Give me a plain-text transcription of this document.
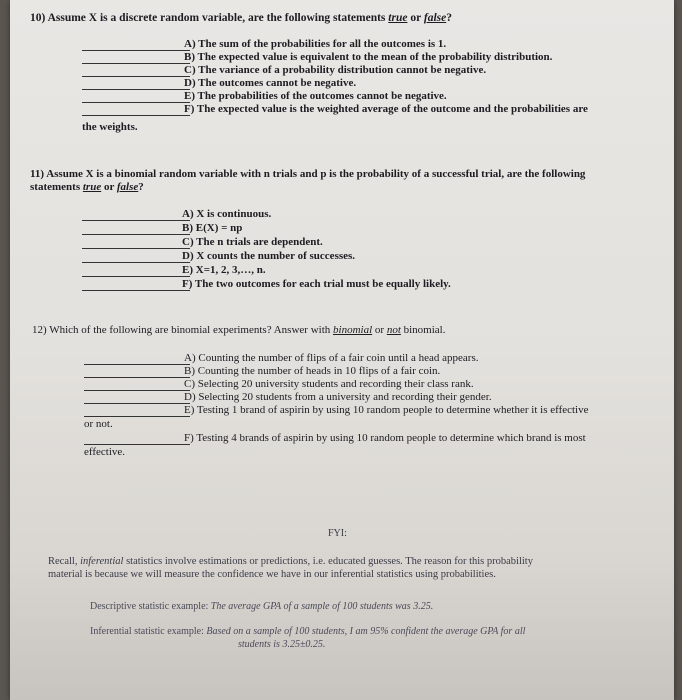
10) Assume X is a discrete random variable, are the following statements true or false?
A) The sum of the probabilities for all the outcomes is 1.
B) The expected value is equivalent to the mean of the probability distribution.
C) The variance of a probability distribution cannot be negative.
D) The outcomes cannot be negative.
E) The probabilities of the outcomes cannot be negative.
F) The expected value is the weighted average of the outcome and the probabilities are
the weights.
11) Assume X is a binomial random variable with n trials and p is the probability of a successful trial, are the following
statements true or false?
A) X is continuous.
B) E(X) = np
C) The n trials are dependent.
D) X counts the number of successes.
E) X=1, 2, 3,…, n.
F) The two outcomes for each trial must be equally likely.
12) Which of the following are binomial experiments? Answer with binomial or not binomial.
A) Counting the number of flips of a fair coin until a head appears.
B) Counting the number of heads in 10 flips of a fair coin.
C) Selecting 20 university students and recording their class rank.
D) Selecting 20 students from a university and recording their gender.
E) Testing 1 brand of aspirin by using 10 random people to determine whether it is effective
or not.
F) Testing 4 brands of aspirin by using 10 random people to determine which brand is most
effective.
FYI:
Recall, inferential statistics involve estimations or predictions, i.e. educated guesses. The reason for this probability
material is because we will measure the confidence we have in our inferential statistics using probabilities.
Descriptive statistic example: The average GPA of a sample of 100 students was 3.25.
Inferential statistic example: Based on a sample of 100 students, I am 95% confident the average GPA for all
students is 3.25±0.25.
